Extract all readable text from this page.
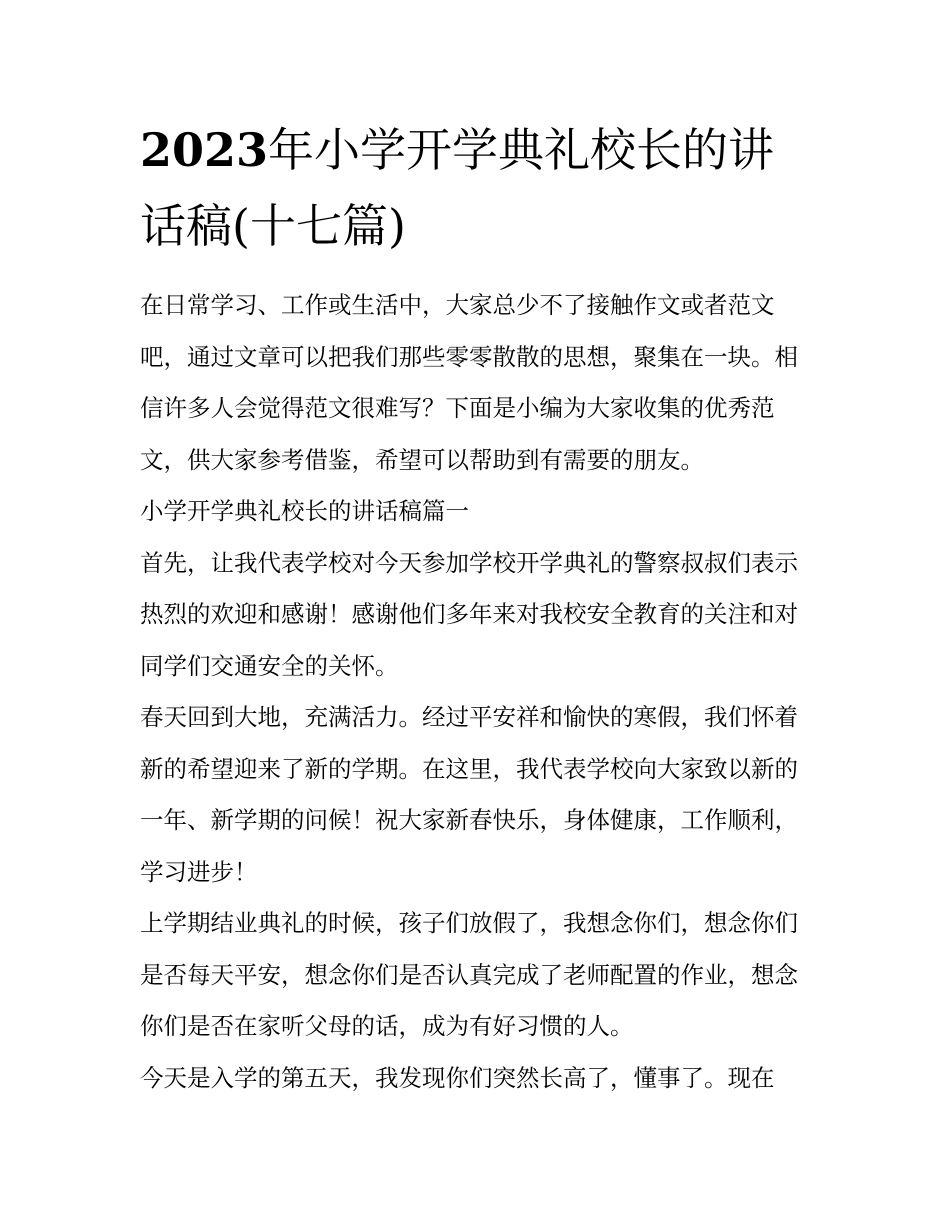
2023年小学开学典礼校长的讲话稿(十七篇)

在日常学习、工作或生活中，大家总少不了接触作文或者范文吧，通过文章可以把我们那些零零散散的思想，聚集在一块。相信许多人会觉得范文很难写？下面是小编为大家收集的优秀范文，供大家参考借鉴，希望可以帮助到有需要的朋友。

小学开学典礼校长的讲话稿篇一

首先，让我代表学校对今天参加学校开学典礼的警察叔叔们表示热烈的欢迎和感谢！感谢他们多年来对我校安全教育的关注和对同学们交通安全的关怀。

春天回到大地，充满活力。经过平安祥和愉快的寒假，我们怀着新的希望迎来了新的学期。在这里，我代表学校向大家致以新的一年、新学期的问候！祝大家新春快乐，身体健康，工作顺利，学习进步！

上学期结业典礼的时候，孩子们放假了，我想念你们，想念你们是否每天平安，想念你们是否认真完成了老师配置的作业，想念你们是否在家听父母的话，成为有好习惯的人。

今天是入学的第五天，我发现你们突然长高了，懂事了。现在
